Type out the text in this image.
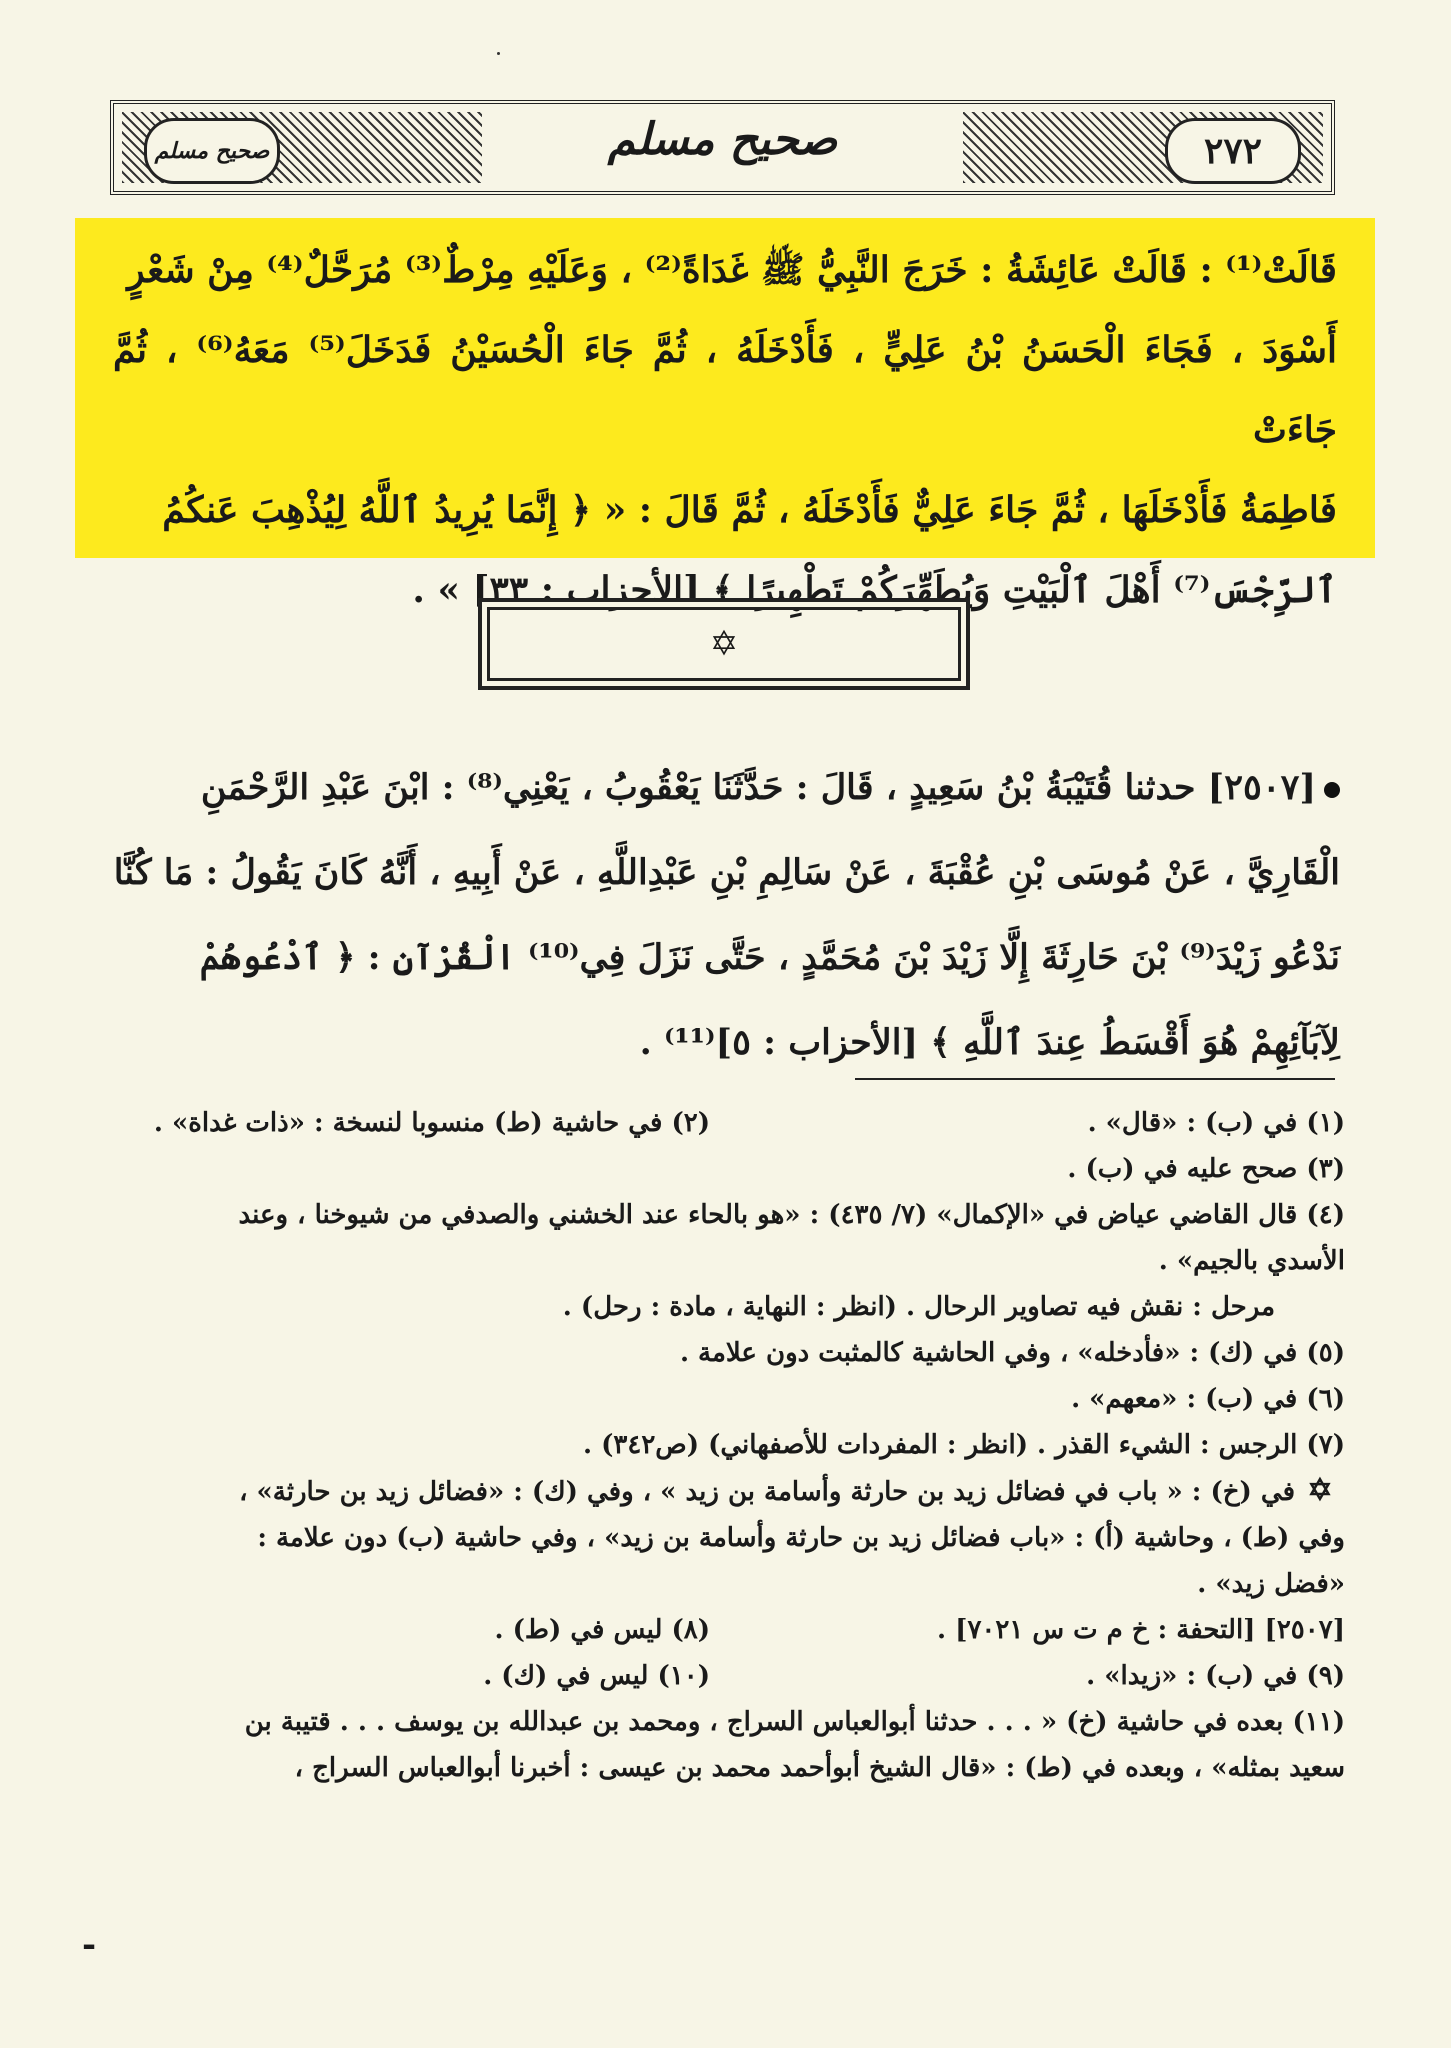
٢٧٢
صحيح مسلم	صحيح مسلم

قَالَتْ⁽¹⁾ : قَالَتْ عَائِشَةُ : خَرَجَ النَّبِيُّ ﷺ غَدَاةً⁽²⁾ ، وَعَلَيْهِ مِرْطٌ⁽³⁾ مُرَحَّلٌ⁽⁴⁾ مِنْ شَعْرٍ

أَسْوَدَ ، فَجَاءَ الْحَسَنُ بْنُ عَلِيٍّ ، فَأَدْخَلَهُ ، ثُمَّ جَاءَ الْحُسَيْنُ فَدَخَلَ⁽⁵⁾ مَعَهُ⁽⁶⁾ ، ثُمَّ جَاءَتْ

فَاطِمَةُ فَأَدْخَلَهَا ، ثُمَّ جَاءَ عَلِيٌّ فَأَدْخَلَهُ ، ثُمَّ قَالَ : « ﴿ إِنَّمَا يُرِيدُ ٱللَّهُ لِيُذْهِبَ عَنكُمُ

ٱلرِّجْسَ⁽⁷⁾ أَهْلَ ٱلْبَيْتِ وَيُطَهِّرَكُمْ تَطْهِيرًا ﴾ [الأحزاب : ٣٣] » .

✡

[٢٥٠٧] حدثنا قُتَيْبَةُ بْنُ سَعِيدٍ ، قَالَ : حَدَّثَنَا يَعْقُوبُ ، يَعْنِي⁽⁸⁾ : ابْنَ عَبْدِ الرَّحْمَنِ

الْقَارِيَّ ، عَنْ مُوسَى بْنِ عُقْبَةَ ، عَنْ سَالِمِ بْنِ عَبْدِاللَّهِ ، عَنْ أَبِيهِ ، أَنَّهُ كَانَ يَقُولُ : مَا كُنَّا

نَدْعُو زَيْدَ⁽⁹⁾ بْنَ حَارِثَةَ إِلَّا زَيْدَ بْنَ مُحَمَّدٍ ، حَتَّى نَزَلَ فِي⁽¹⁰⁾ الْقُرْآنِ : ﴿ ٱدْعُوهُمْ

لِآبَآئِهِمْ هُوَ أَقْسَطُ عِندَ ٱللَّهِ ﴾ [الأحزاب : ٥]⁽¹¹⁾ .

(١) في (ب) : «قال» .
(٢) في حاشية (ط) منسوبا لنسخة : «ذات غداة» .

(٣) صحح عليه في (ب) .

(٤) قال القاضي عياض في «الإكمال» (٧/ ٤٣٥) : «هو بالحاء عند الخشني والصدفي من شيوخنا ، وعند

الأسدي بالجيم» .

مرحل : نقش فيه تصاوير الرحال . (انظر : النهاية ، مادة : رحل) .

(٥) في (ك) : «فأدخله» ، وفي الحاشية كالمثبت دون علامة .

(٦) في (ب) : «معهم» .

(٧) الرجس : الشيء القذر . (انظر : المفردات للأصفهاني) (ص٣٤٢) .

✡في (خ) : « باب في فضائل زيد بن حارثة وأسامة بن زيد » ، وفي (ك) : «فضائل زيد بن حارثة» ،

وفي (ط) ، وحاشية (أ) : «باب فضائل زيد بن حارثة وأسامة بن زيد» ، وفي حاشية (ب) دون علامة :

«فضل زيد» .

[٢٥٠٧] [التحفة : خ م ت س ٧٠٢١] .
(٨) ليس في (ط) .
(٩) في (ب) : «زيدا» .
(١٠) ليس في (ك) .

(١١) بعده في حاشية (خ) « . . . حدثنا أبوالعباس السراج ، ومحمد بن عبدالله بن يوسف . . . قتيبة بن

سعيد بمثله» ، وبعده في (ط) : «قال الشيخ أبوأحمد محمد بن عيسى : أخبرنا أبوالعباس السراج ،

-
